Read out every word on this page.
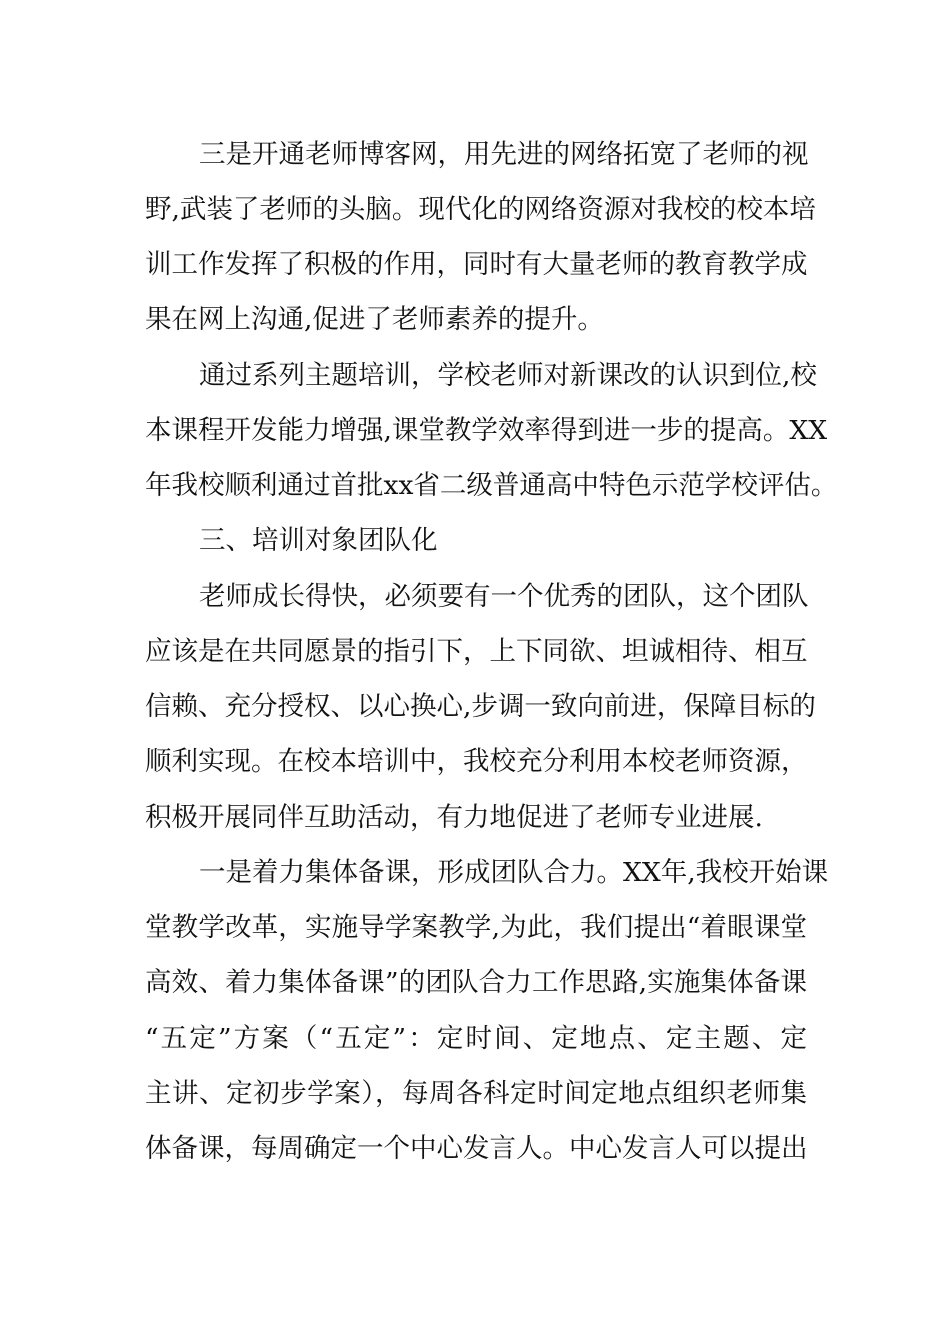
三是开通老师博客网，用先进的网络拓宽了老师的视
野,武装了老师的头脑。现代化的网络资源对我校的校本培
训工作发挥了积极的作用，同时有大量老师的教育教学成
果在网上沟通,促进了老师素养的提升。
通过系列主题培训，学校老师对新课改的认识到位,校
本课程开发能力增强,课堂教学效率得到进一步的提高。XX
年我校顺利通过首批xx省二级普通高中特色示范学校评估。
三、培训对象团队化
老师成长得快，必须要有一个优秀的团队，这个团队
应该是在共同愿景的指引下，上下同欲、坦诚相待、相互
信赖、充分授权、以心换心,步调一致向前进，保障目标的
顺利实现。在校本培训中，我校充分利用本校老师资源，
积极开展同伴互助活动，有力地促进了老师专业进展.
一是着力集体备课，形成团队合力。XX年,我校开始课
堂教学改革，实施导学案教学,为此，我们提出“着眼课堂
高效、着力集体备课”的团队合力工作思路,实施集体备课
“五定”方案（“五定”：定时间、定地点、定主题、定
主讲、定初步学案），每周各科定时间定地点组织老师集
体备课，每周确定一个中心发言人。中心发言人可以提出
